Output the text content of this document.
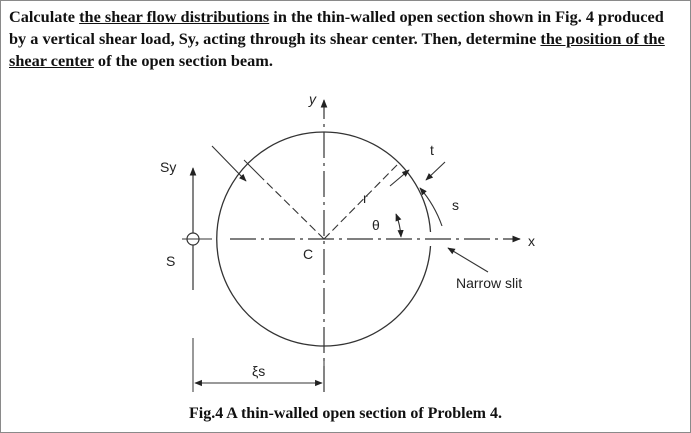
Calculate the shear flow distributions in the thin-walled open section shown in Fig. 4 produced by a vertical shear load, Sy, acting through its shear center. Then, determine the position of the shear center of the open section beam.

y
x
Sy
S	C
r
θ
t
s
Narrow slit
ξs
Fig.4 A thin-walled open section of Problem 4.
